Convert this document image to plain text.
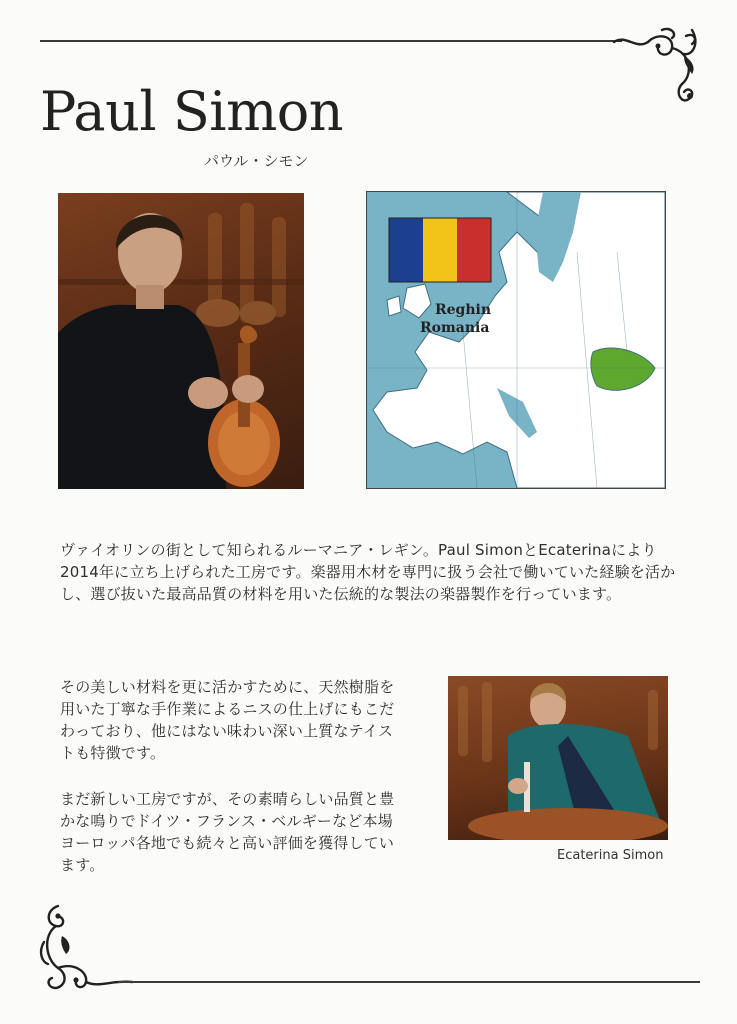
Paul Simon
パウル・シモン
Reghin
Romania

ヴァイオリンの街として知られるルーマニア・レギン。Paul SimonとEcaterinaにより2014年に立ち上げられた工房です。楽器用木材を専門に扱う会社で働いていた経験を活かし、選び抜いた最高品質の材料を用いた伝統的な製法の楽器製作を行っています。

その美しい材料を更に活かすために、天然樹脂を用いた丁寧な手作業によるニスの仕上げにもこだわっており、他にはない味わい深い上質なテイストも特徴です。

まだ新しい工房ですが、その素晴らしい品質と豊かな鳴りでドイツ・フランス・ベルギーなど本場ヨーロッパ各地でも続々と高い評価を獲得しています。

Ecaterina Simon
